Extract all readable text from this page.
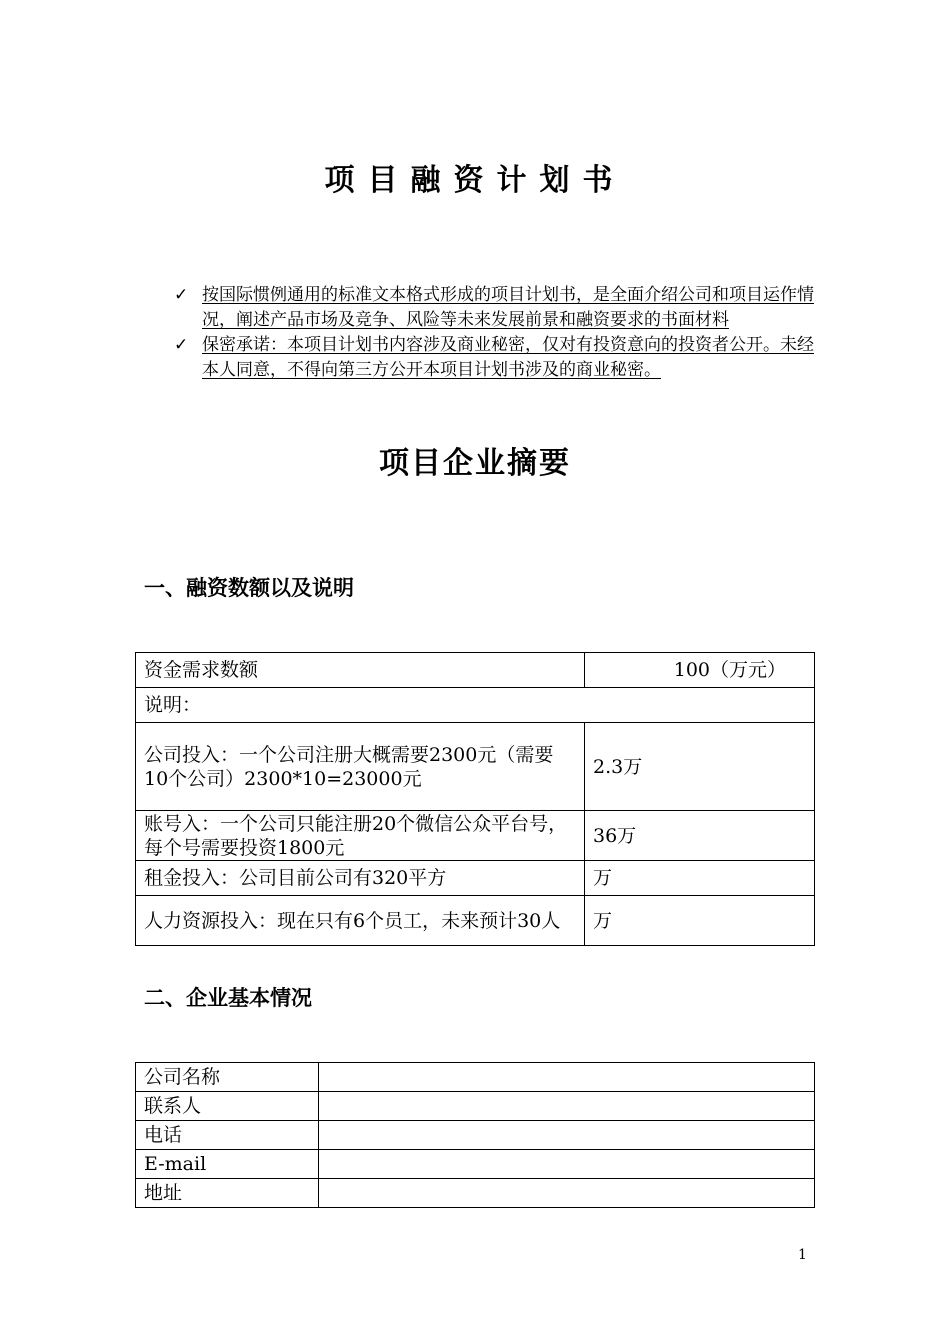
项目融资计划书
✓ 按国际惯例通用的标准文本格式形成的项目计划书，是全面介绍公司和项目运作情况，阐述产品市场及竞争、风险等未来发展前景和融资要求的书面材料
✓ 保密承诺：本项目计划书内容涉及商业秘密，仅对有投资意向的投资者公开。未经本人同意，不得向第三方公开本项目计划书涉及的商业秘密。
项目企业摘要
一、融资数额以及说明
资金需求数额	100（万元）
说明：	
公司投入：一个公司注册大概需要2300元（需要10个公司）2300*10=23000元	2.3万
账号入：一个公司只能注册20个微信公众平台号，每个号需要投资1800元	36万
租金投入：公司目前公司有320平方	万
人力资源投入：现在只有6个员工，未来预计30人	万
二、企业基本情况
公司名称	
联系人	
电话	
E-mail	
地址	
1
